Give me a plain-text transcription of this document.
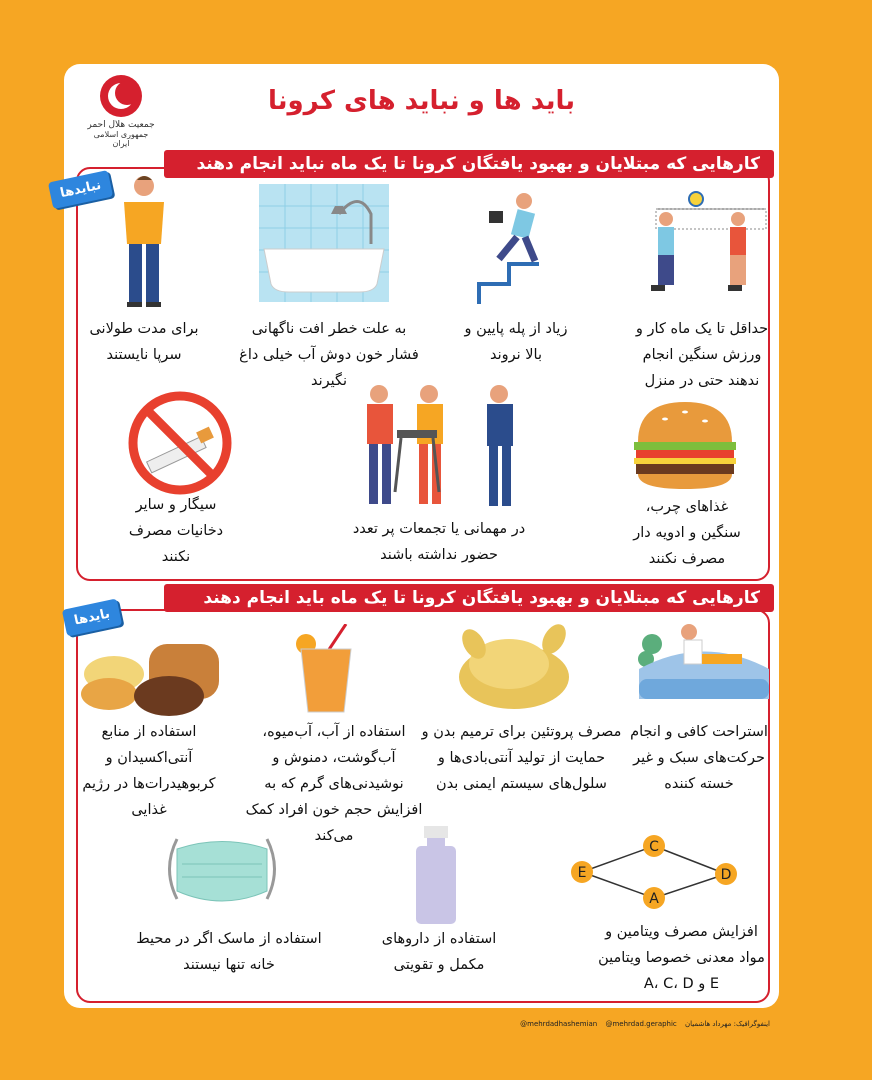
جمعیت هلال احمر
جمهوری اسلامی ایران
باید ها و نباید های کرونا
کارهایی که مبتلایان و بهبود یافتگان کرونا تا یک ماه نباید انجام دهند
نبایدها
حداقل تا یک ماه کار و ورزش سنگین انجام ندهند حتی در منزل
زیاد از پله پایین و بالا نروند
به علت خطر افت ناگهانی فشار خون دوش آب خیلی داغ نگیرند
برای مدت طولانی سرپا نایستند
غذاهای چرب، سنگین و ادویه دار مصرف نکنند
در مهمانی یا تجمعات پر تعدد حضور نداشته باشند
سیگار و سایر دخانیات مصرف نکنند
کارهایی که مبتلایان و بهبود یافتگان کرونا تا یک ماه باید انجام دهند
بایدها
استراحت کافی و انجام حرکت‌های سبک و غیر خسته کننده
مصرف پروتئین برای ترمیم بدن و حمایت از تولید آنتی‌بادی‌ها و سلول‌های سیستم ایمنی بدن
استفاده از آب، آب‌میوه، آب‌گوشت، دمنوش و نوشیدنی‌های گرم که به افزایش حجم خون افراد کمک می‌کند
استفاده از منابع آنتی‌اکسیدان و کربوهیدرات‌ها در رژیم غذایی
C
E	D
A
افزایش مصرف ویتامین و مواد معدنی خصوصا ویتامین E و A، C، D
استفاده از داروهای مکمل و تقویتی
استفاده از ماسک اگر در محیط خانه تنها نیستند
@mehrdadhashemian @mehrdad.geraphic اینفوگرافیک: مهرداد هاشمیان
